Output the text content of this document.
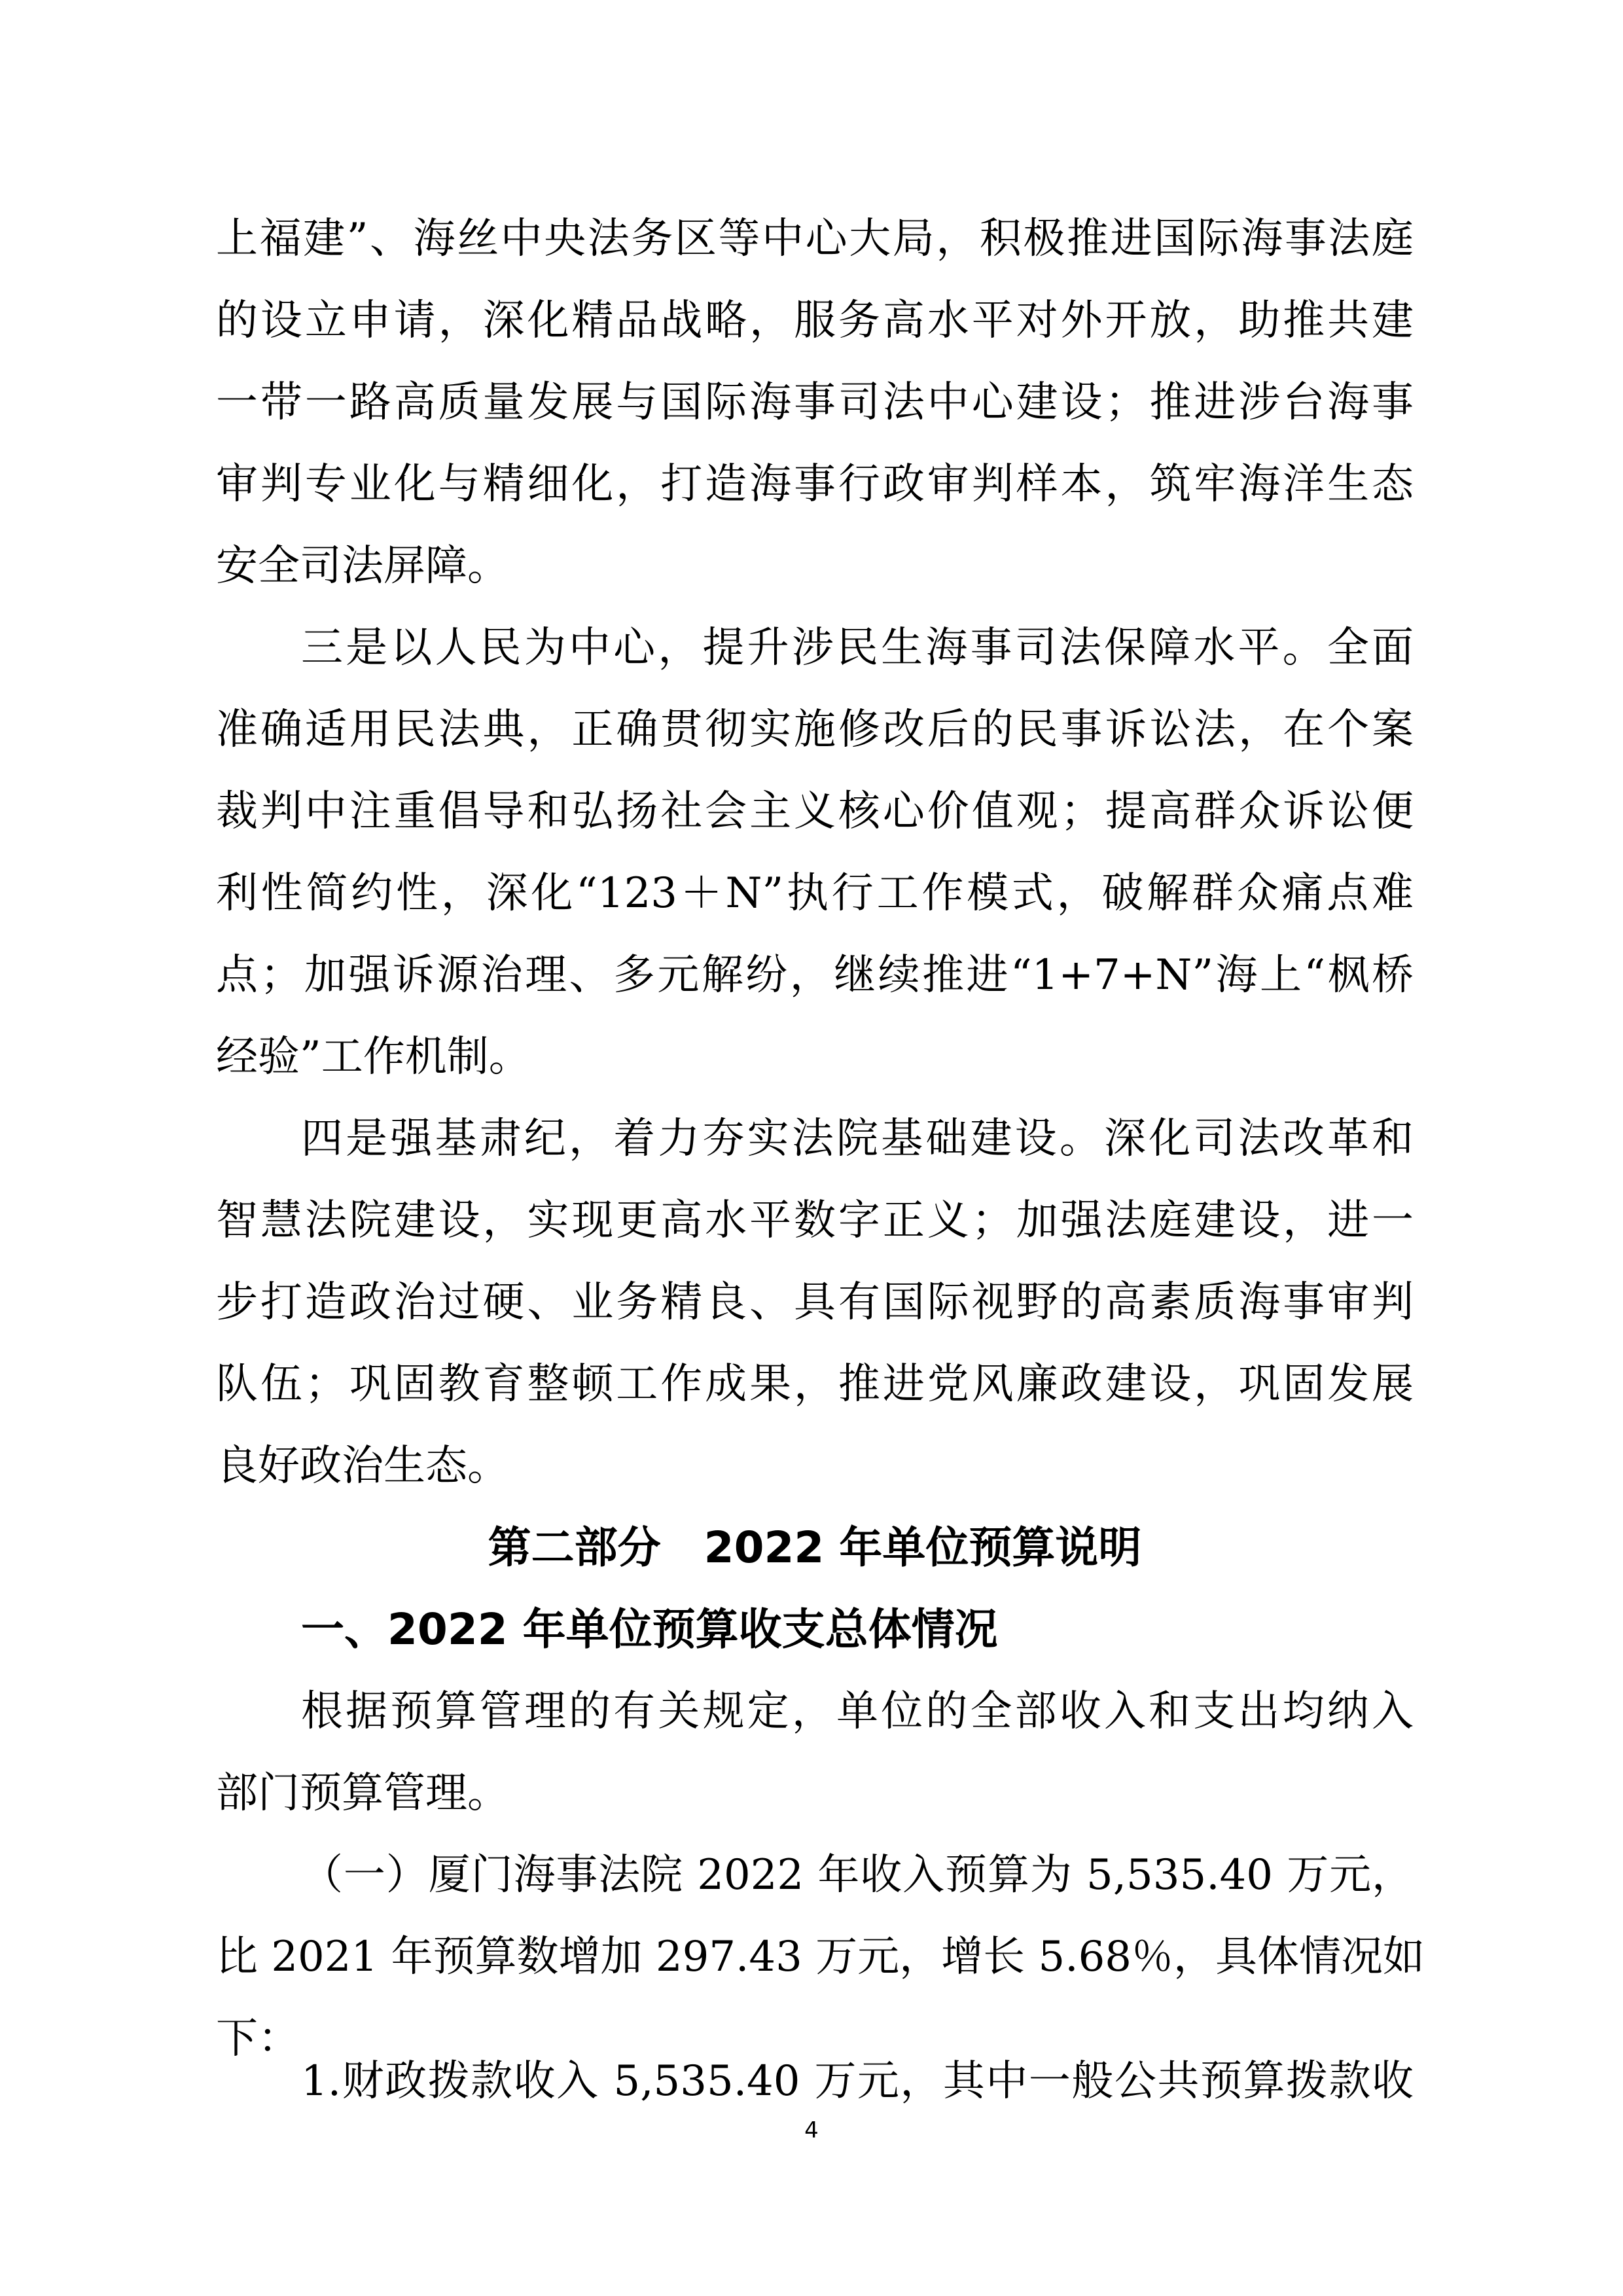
上福建”、海丝中央法务区等中心大局，积极推进国际海事法庭
的设立申请，深化精品战略，服务高水平对外开放，助推共建
一带一路高质量发展与国际海事司法中心建设；推进涉台海事
审判专业化与精细化，打造海事行政审判样本，筑牢海洋生态
安全司法屏障。
三是以人民为中心，提升涉民生海事司法保障水平。全面
准确适用民法典，正确贯彻实施修改后的民事诉讼法，在个案
裁判中注重倡导和弘扬社会主义核心价值观；提高群众诉讼便
利性简约性，深化“123＋N”执行工作模式，破解群众痛点难
点；加强诉源治理、多元解纷，继续推进“1+7+N”海上“枫桥
经验”工作机制。
四是强基肃纪，着力夯实法院基础建设。深化司法改革和
智慧法院建设，实现更高水平数字正义；加强法庭建设，进一
步打造政治过硬、业务精良、具有国际视野的高素质海事审判
队伍；巩固教育整顿工作成果，推进党风廉政建设，巩固发展
良好政治生态。
第二部分　2022 年单位预算说明
一、2022 年单位预算收支总体情况
根据预算管理的有关规定，单位的全部收入和支出均纳入
部门预算管理。
（一）厦门海事法院 2022 年收入预算为 5,535.40 万元，
比 2021 年预算数增加 297.43 万元，增长 5.68％，具体情况如
下：
1.财政拨款收入 5,535.40 万元，其中一般公共预算拨款收
4
